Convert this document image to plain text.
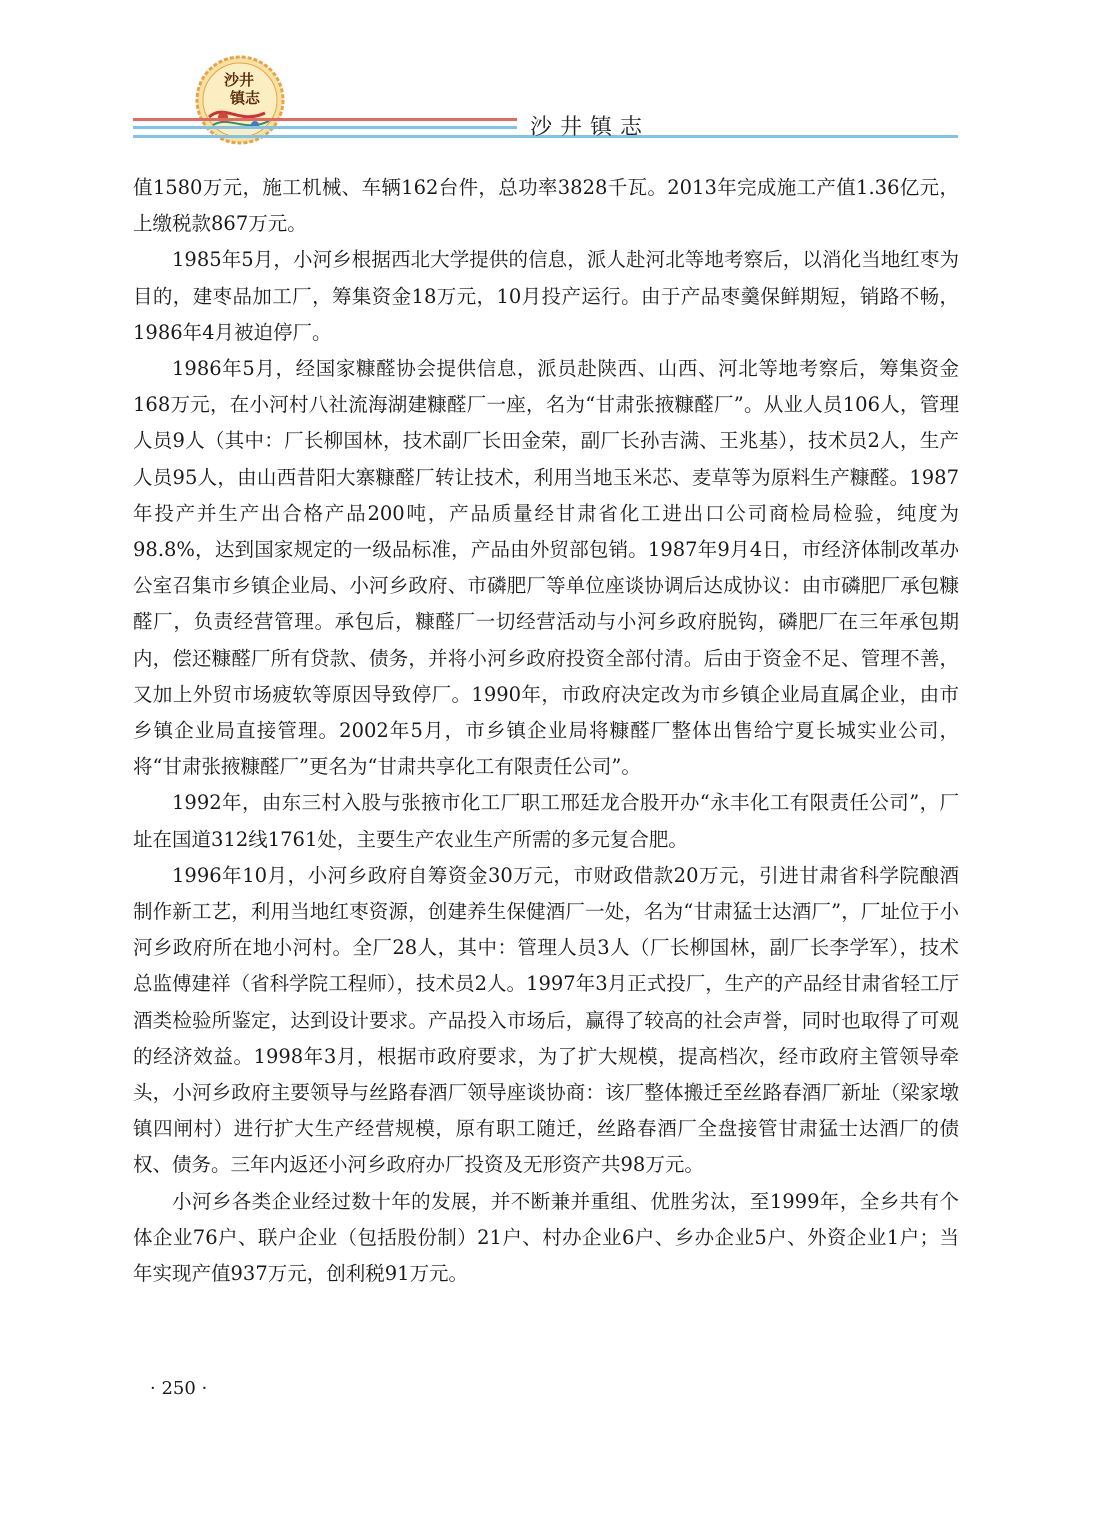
沙井
镇志
沙井镇志

值1580万元，施工机械、车辆162台件，总功率3828千瓦。2013年完成施工产值1.36亿元，上缴税款867万元。

1985年5月，小河乡根据西北大学提供的信息，派人赴河北等地考察后，以消化当地红枣为目的，建枣品加工厂，筹集资金18万元，10月投产运行。由于产品枣羹保鲜期短，销路不畅，1986年4月被迫停厂。

1986年5月，经国家糠醛协会提供信息，派员赴陕西、山西、河北等地考察后，筹集资金168万元，在小河村八社流海湖建糠醛厂一座，名为“甘肃张掖糠醛厂”。从业人员106人，管理人员9人（其中：厂长柳国林，技术副厂长田金荣，副厂长孙吉满、王兆基），技术员2人，生产人员95人，由山西昔阳大寨糠醛厂转让技术，利用当地玉米芯、麦草等为原料生产糠醛。1987年投产并生产出合格产品200吨，产品质量经甘肃省化工进出口公司商检局检验，纯度为98.8%，达到国家规定的一级品标准，产品由外贸部包销。1987年9月4日，市经济体制改革办公室召集市乡镇企业局、小河乡政府、市磷肥厂等单位座谈协调后达成协议：由市磷肥厂承包糠醛厂，负责经营管理。承包后，糠醛厂一切经营活动与小河乡政府脱钩，磷肥厂在三年承包期内，偿还糠醛厂所有贷款、债务，并将小河乡政府投资全部付清。后由于资金不足、管理不善，又加上外贸市场疲软等原因导致停厂。1990年，市政府决定改为市乡镇企业局直属企业，由市乡镇企业局直接管理。2002年5月，市乡镇企业局将糠醛厂整体出售给宁夏长城实业公司，将“甘肃张掖糠醛厂”更名为“甘肃共享化工有限责任公司”。

1992年，由东三村入股与张掖市化工厂职工邢廷龙合股开办“永丰化工有限责任公司”，厂址在国道312线1761处，主要生产农业生产所需的多元复合肥。

1996年10月，小河乡政府自筹资金30万元，市财政借款20万元，引进甘肃省科学院酿酒制作新工艺，利用当地红枣资源，创建养生保健酒厂一处，名为“甘肃猛士达酒厂”，厂址位于小河乡政府所在地小河村。全厂28人，其中：管理人员3人（厂长柳国林，副厂长李学军），技术总监傅建祥（省科学院工程师），技术员2人。1997年3月正式投厂，生产的产品经甘肃省轻工厅酒类检验所鉴定，达到设计要求。产品投入市场后，赢得了较高的社会声誉，同时也取得了可观的经济效益。1998年3月，根据市政府要求，为了扩大规模，提高档次，经市政府主管领导牵头，小河乡政府主要领导与丝路春酒厂领导座谈协商：该厂整体搬迁至丝路春酒厂新址（梁家墩镇四闸村）进行扩大生产经营规模，原有职工随迁，丝路春酒厂全盘接管甘肃猛士达酒厂的债权、债务。三年内返还小河乡政府办厂投资及无形资产共98万元。

小河乡各类企业经过数十年的发展，并不断兼并重组、优胜劣汰，至1999年，全乡共有个体企业76户、联户企业（包括股份制）21户、村办企业6户、乡办企业5户、外资企业1户；当年实现产值937万元，创利税91万元。

· 250 ·
